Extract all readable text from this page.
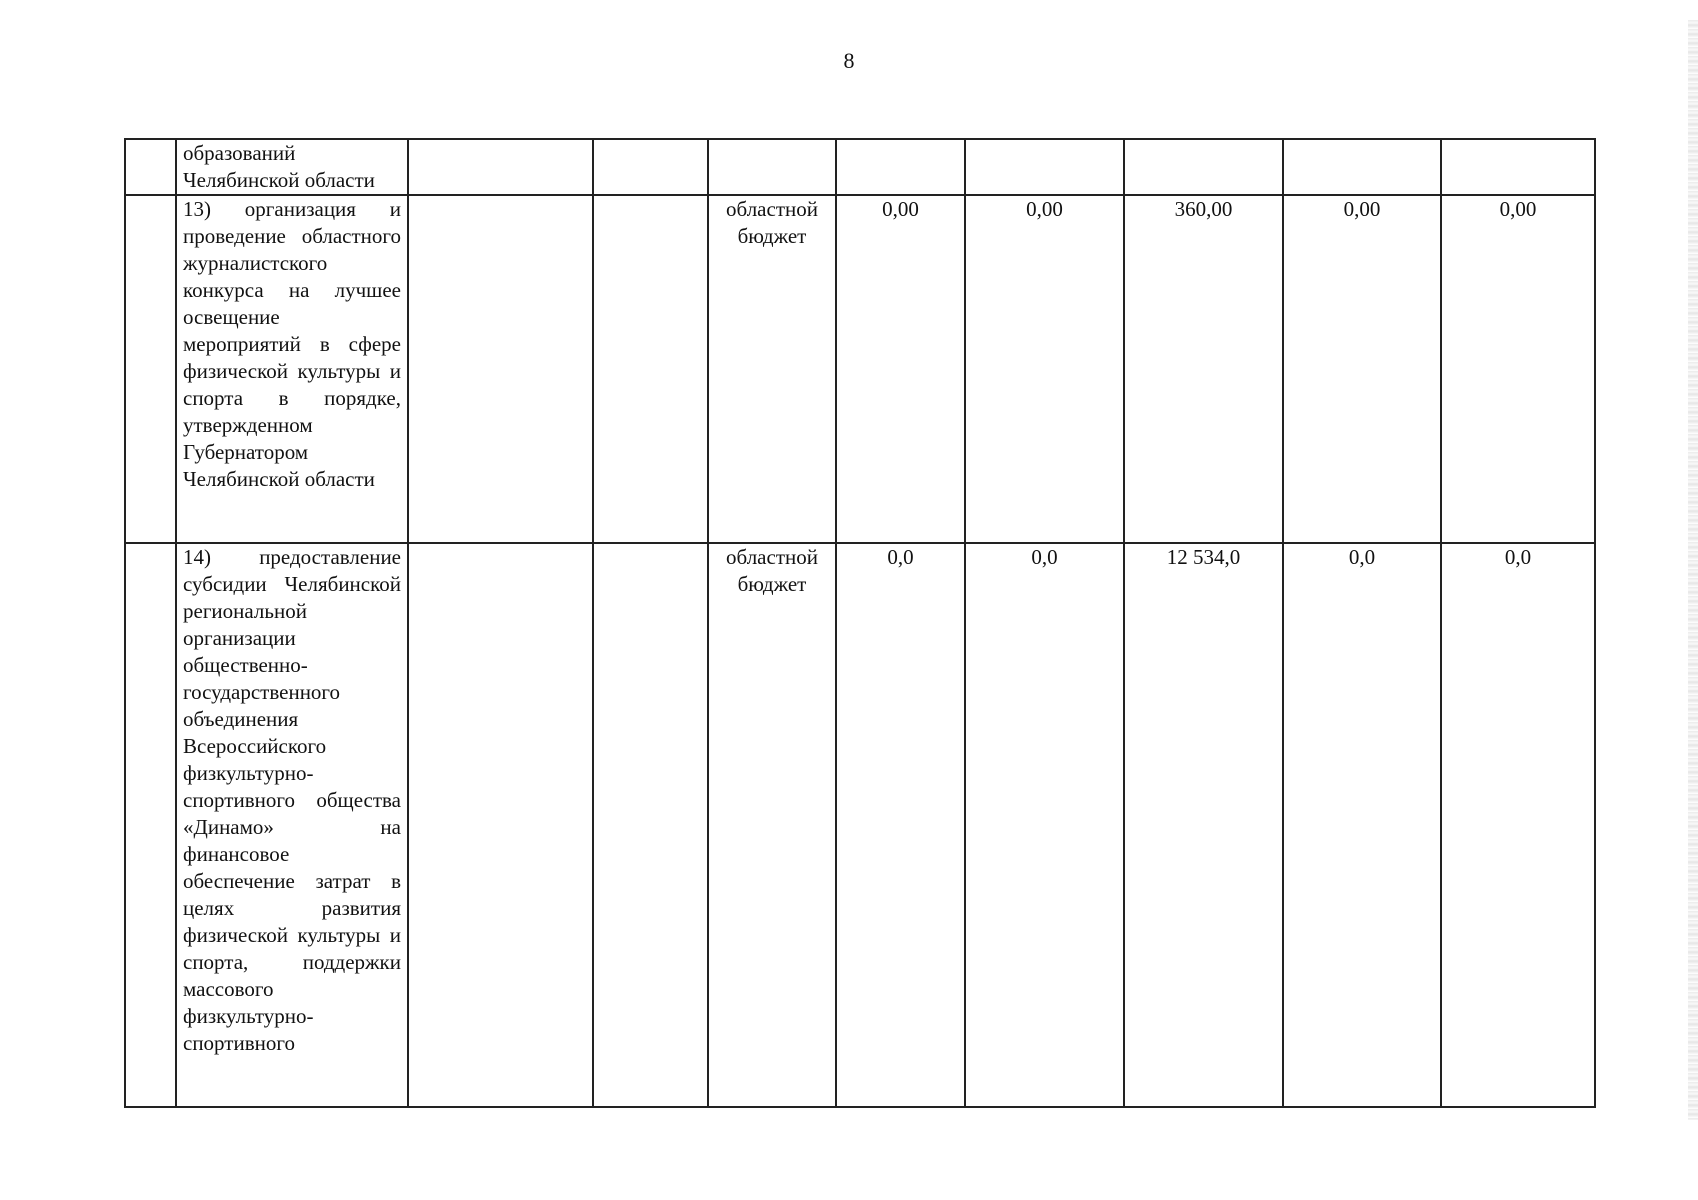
8
	образований Челябинской области								
	13) организация и проведение областного журналистского конкурса на лучшее освещение мероприятий в сфере физической культуры и спорта в порядке, утвержденном Губернатором Челябинской области			областной бюджет	0,00	0,00	360,00	0,00	0,00
	14) предоставление субсидии Челябинской региональной организации общественно-государственного объединения Всероссийского физкультурно-спортивного общества «Динамо» на финансовое обеспечение затрат в целях развития физической культуры и спорта, поддержки массового физкультурно-спортивного			областной бюджет	0,0	0,0	12 534,0	0,0	0,0
